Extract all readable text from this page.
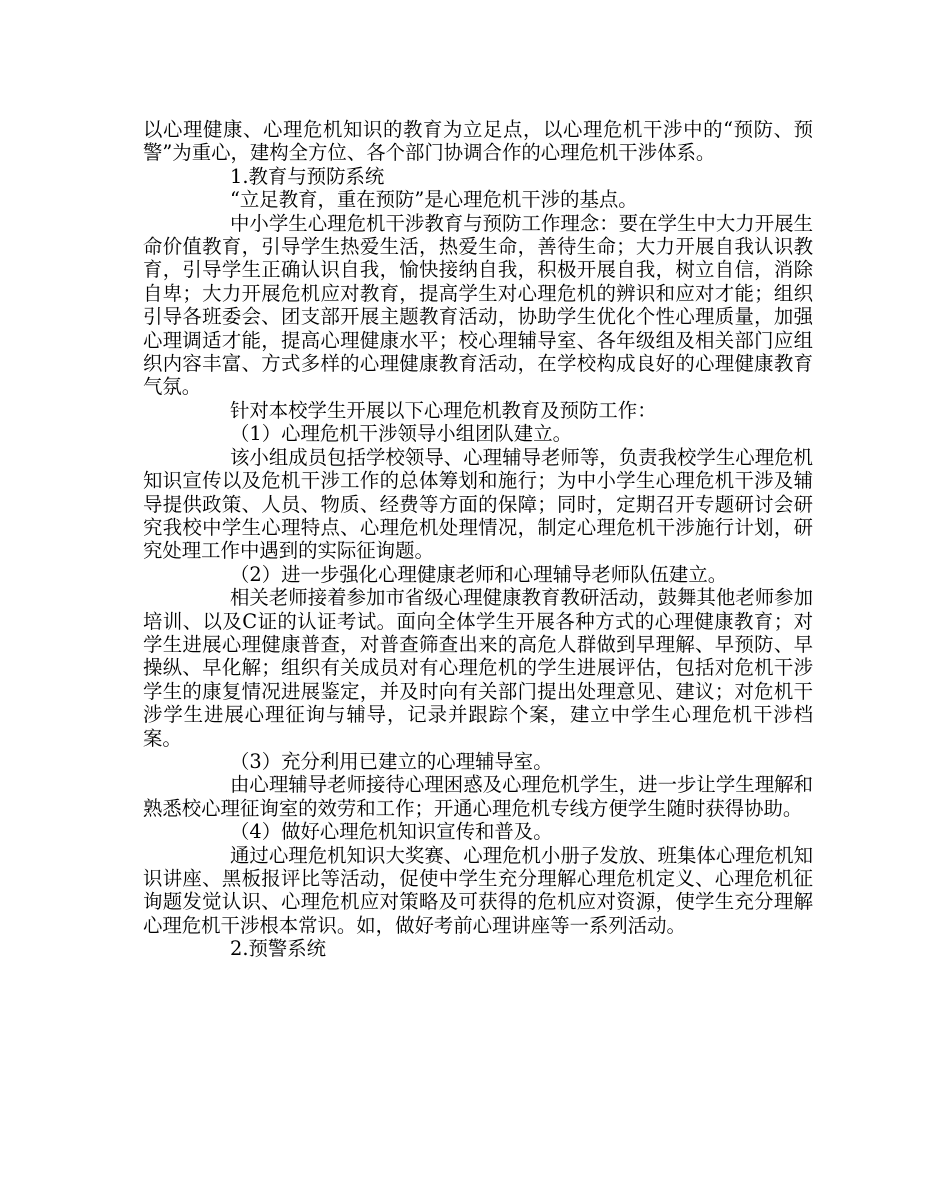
以心理健康、心理危机知识的教育为立足点，以心理危机干涉中的“预防、预警”为重心，建构全方位、各个部门协调合作的心理危机干涉体系。

1.教育与预防系统

“立足教育，重在预防”是心理危机干涉的基点。

中小学生心理危机干涉教育与预防工作理念：要在学生中大力开展生命价值教育，引导学生热爱生活，热爱生命，善待生命；大力开展自我认识教育，引导学生正确认识自我，愉快接纳自我，积极开展自我，树立自信，消除自卑；大力开展危机应对教育，提高学生对心理危机的辨识和应对才能；组织引导各班委会、团支部开展主题教育活动，协助学生优化个性心理质量，加强心理调适才能，提高心理健康水平；校心理辅导室、各年级组及相关部门应组织内容丰富、方式多样的心理健康教育活动，在学校构成良好的心理健康教育气氛。

针对本校学生开展以下心理危机教育及预防工作：

（1）心理危机干涉领导小组团队建立。

该小组成员包括学校领导、心理辅导老师等，负责我校学生心理危机知识宣传以及危机干涉工作的总体筹划和施行；为中小学生心理危机干涉及辅导提供政策、人员、物质、经费等方面的保障；同时，定期召开专题研讨会研究我校中学生心理特点、心理危机处理情况，制定心理危机干涉施行计划，研究处理工作中遇到的实际征询题。

（2）进一步强化心理健康老师和心理辅导老师队伍建立。

相关老师接着参加市省级心理健康教育教研活动，鼓舞其他老师参加培训、以及C证的认证考试。面向全体学生开展各种方式的心理健康教育；对学生进展心理健康普查，对普查筛查出来的高危人群做到早理解、早预防、早操纵、早化解；组织有关成员对有心理危机的学生进展评估，包括对危机干涉学生的康复情况进展鉴定，并及时向有关部门提出处理意见、建议；对危机干涉学生进展心理征询与辅导，记录并跟踪个案，建立中学生心理危机干涉档案。

（3）充分利用已建立的心理辅导室。

由心理辅导老师接待心理困惑及心理危机学生，进一步让学生理解和熟悉校心理征询室的效劳和工作；开通心理危机专线方便学生随时获得协助。

（4）做好心理危机知识宣传和普及。

通过心理危机知识大奖赛、心理危机小册子发放、班集体心理危机知识讲座、黑板报评比等活动，促使中学生充分理解心理危机定义、心理危机征询题发觉认识、心理危机应对策略及可获得的危机应对资源，使学生充分理解心理危机干涉根本常识。如，做好考前心理讲座等一系列活动。

2.预警系统
